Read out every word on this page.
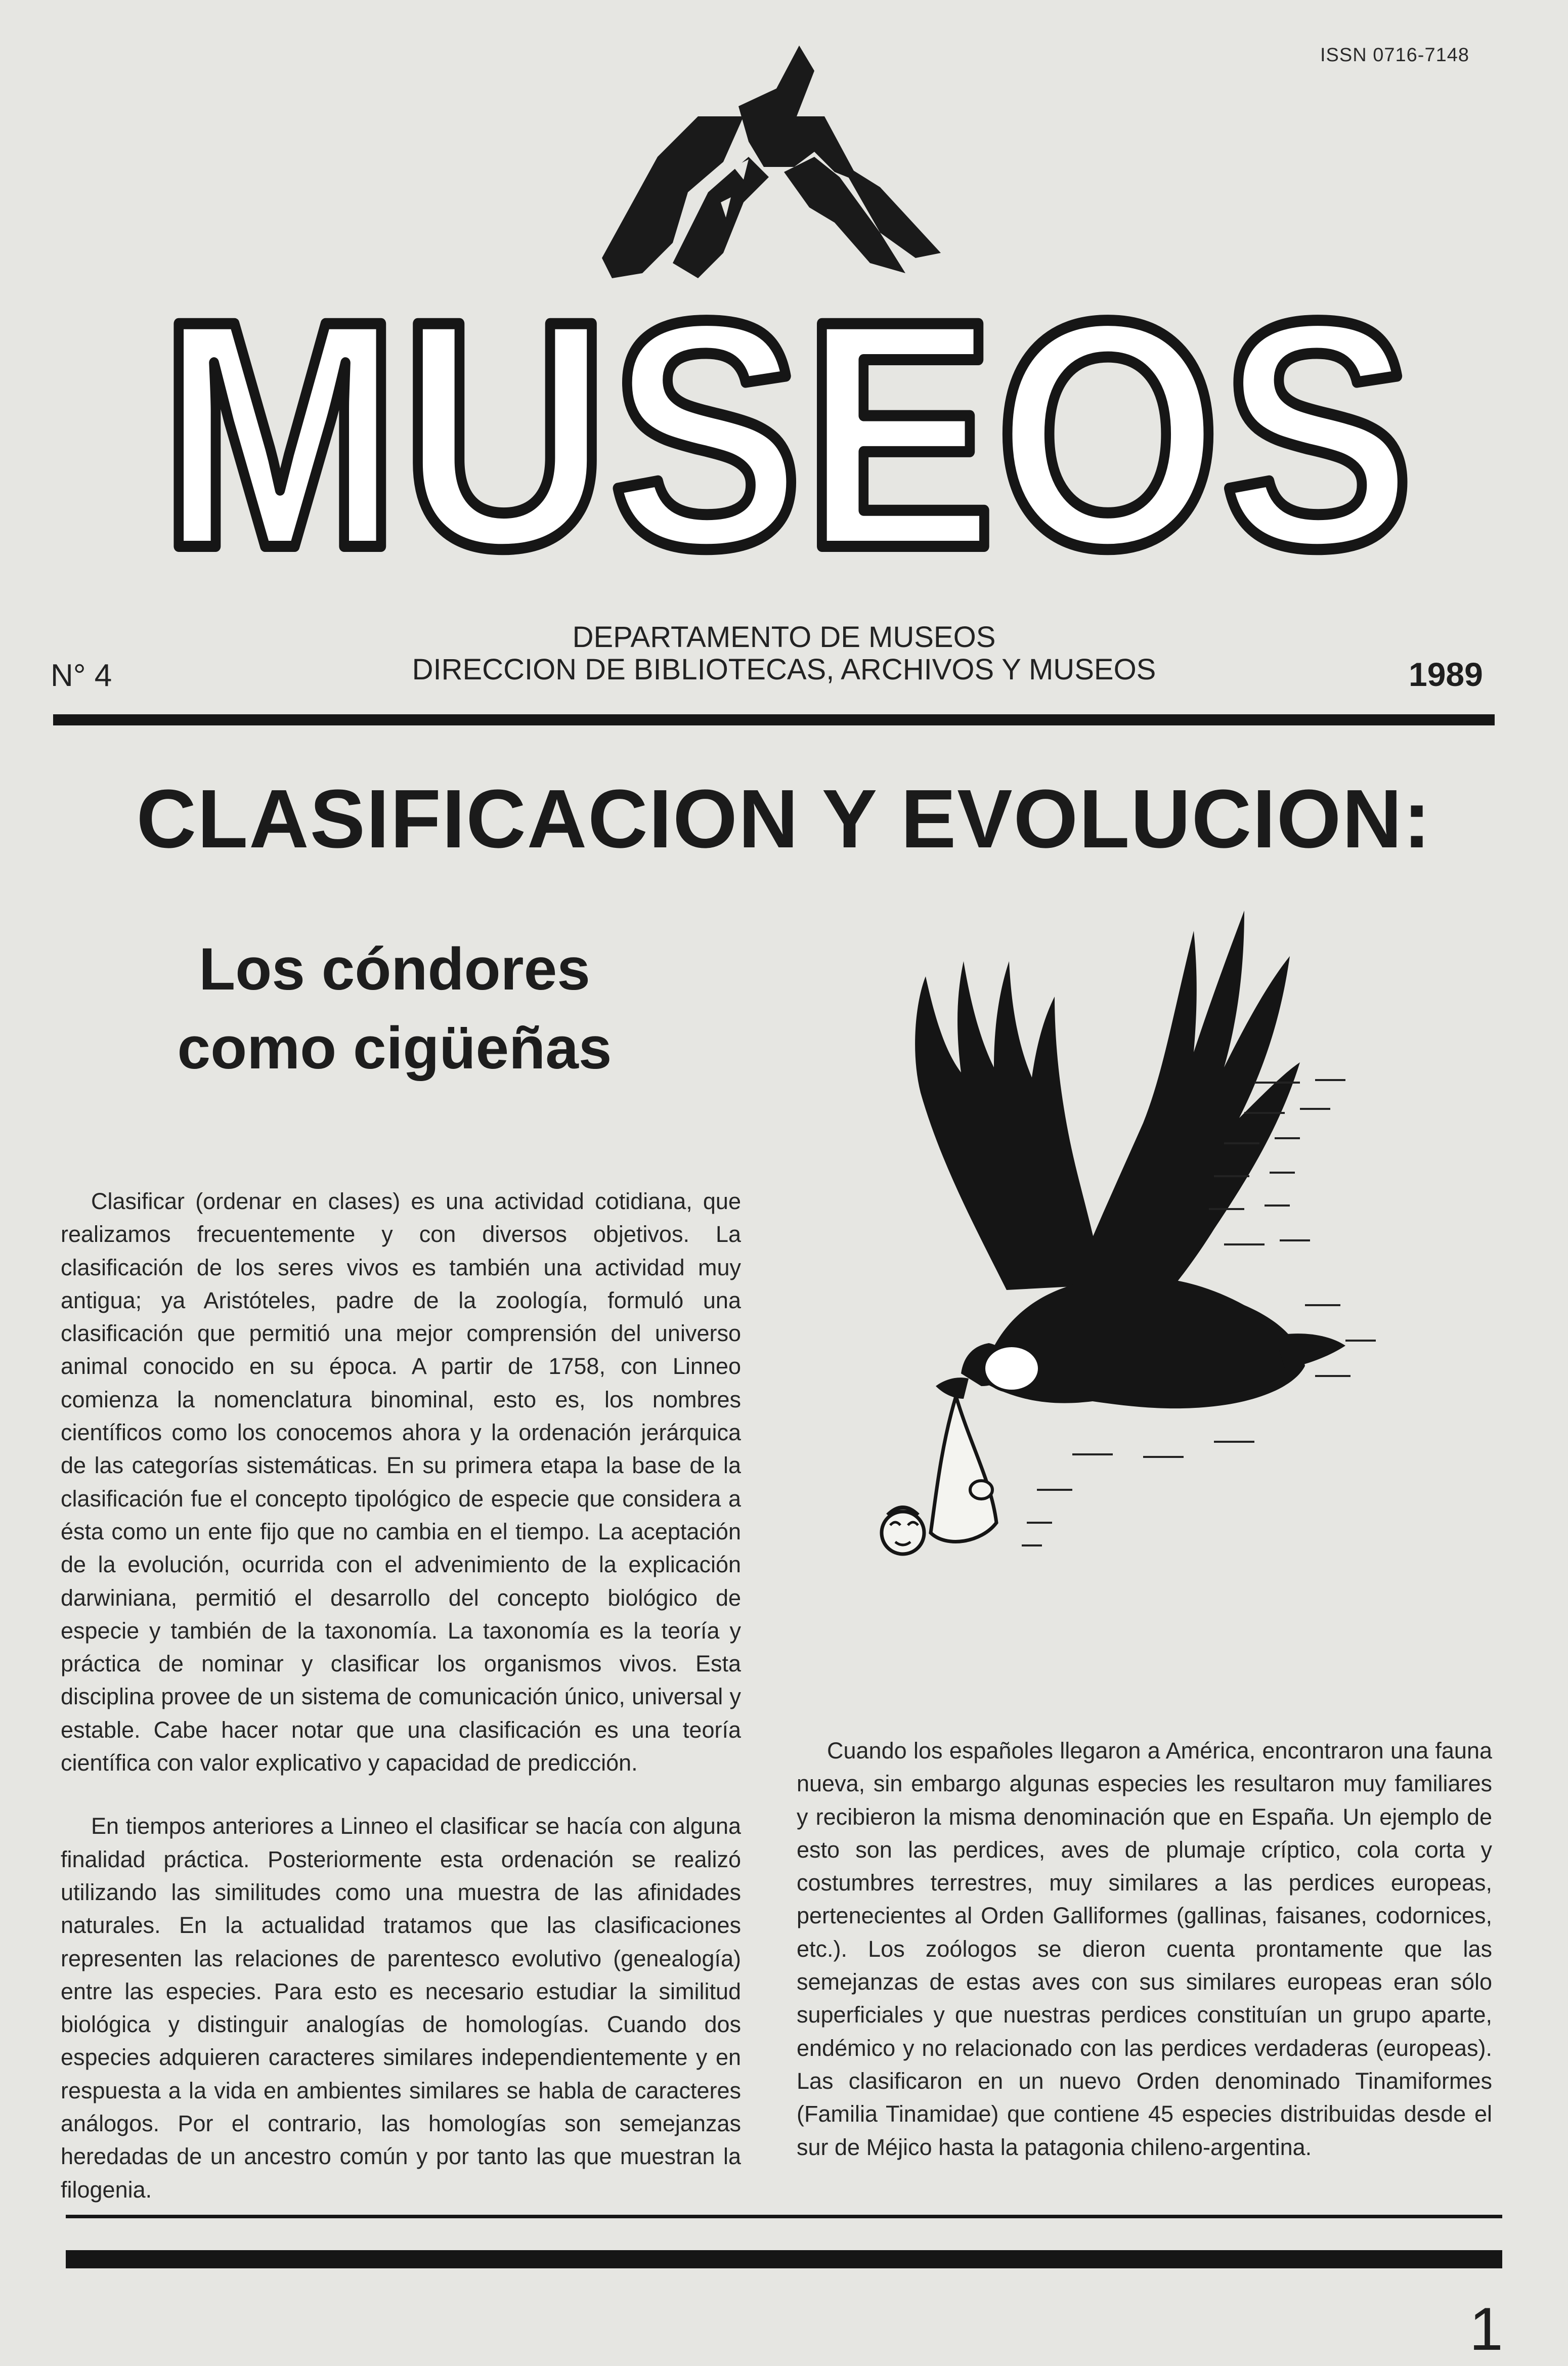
ISSN 0716-7148
MUSEOS
DEPARTAMENTO DE MUSEOS
DIRECCION DE BIBLIOTECAS, ARCHIVOS Y MUSEOS
N° 4	1989
CLASIFICACION Y EVOLUCION:
Los cóndores
como cigüeñas

Clasificar (ordenar en clases) es una actividad cotidiana, que realizamos frecuentemente y con diversos objetivos. La clasificación de los seres vivos es también una actividad muy antigua; ya Aristóteles, padre de la zoología, formuló una clasificación que permitió una mejor comprensión del universo animal conocido en su época. A partir de 1758, con Linneo comienza la nomenclatura binominal, esto es, los nombres científicos como los conocemos ahora y la ordenación jerárquica de las categorías sistemáticas. En su primera etapa la base de la clasificación fue el concepto tipológico de especie que considera a ésta como un ente fijo que no cambia en el tiempo. La aceptación de la evolución, ocurrida con el advenimiento de la explicación darwiniana, permitió el desarrollo del concepto biológico de especie y también de la taxonomía. La taxonomía es la teoría y práctica de nominar y clasificar los organismos vivos. Esta disciplina provee de un sistema de comunicación único, universal y estable. Cabe hacer notar que una clasificación es una teoría científica con valor explicativo y capacidad de predicción.

En tiempos anteriores a Linneo el clasificar se hacía con alguna finalidad práctica. Posteriormente esta ordenación se realizó utilizando las similitudes como una muestra de las afinidades naturales. En la actualidad tratamos que las clasificaciones representen las relaciones de parentesco evolutivo (genealogía) entre las especies. Para esto es necesario estudiar la similitud biológica y distinguir analogías de homologías. Cuando dos especies adquieren caracteres similares independientemente y en respuesta a la vida en ambientes similares se habla de caracteres análogos. Por el contrario, las homologías son semejanzas heredadas de un ancestro común y por tanto las que muestran la filogenia.

Cuando los españoles llegaron a América, encontraron una fauna nueva, sin embargo algunas especies les resultaron muy familiares y recibieron la misma denominación que en España. Un ejemplo de esto son las perdices, aves de plumaje críptico, cola corta y costumbres terrestres, muy similares a las perdices europeas, pertenecientes al Orden Galliformes (gallinas, faisanes, codornices, etc.). Los zoólogos se dieron cuenta prontamente que las semejanzas de estas aves con sus similares europeas eran sólo superficiales y que nuestras perdices constituían un grupo aparte, endémico y no relacionado con las perdices verdaderas (europeas). Las clasificaron en un nuevo Orden denominado Tinamiformes (Familia Tinamidae) que contiene 45 especies distribuidas desde el sur de Méjico hasta la patagonia chileno-argentina.

1
